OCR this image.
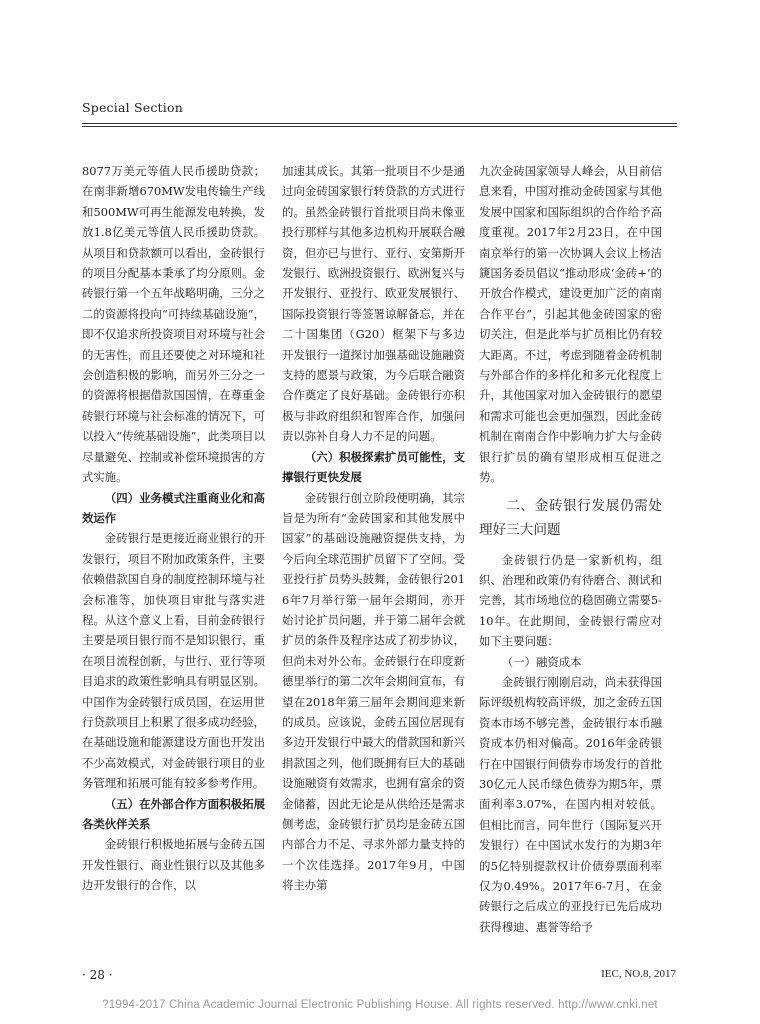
Special Section

8077万美元等值人民币援助贷款；在南非新增670MW发电传输生产线和500MW可再生能源发电转换，发放1.8亿美元等值人民币援助贷款。从项目和贷款额可以看出，金砖银行的项目分配基本秉承了均分原则。金砖银行第一个五年战略明确，三分之二的资源将投向“可持续基础设施”，即不仅追求所投资项目对环境与社会的无害性，而且还要使之对环境和社会创造积极的影响，而另外三分之一的资源将根据借款国国情，在尊重金砖银行环境与社会标准的情况下，可以投入“传统基础设施”，此类项目以尽量避免、控制或补偿环境损害的方式实施。

（四）业务模式注重商业化和高效运作

金砖银行是更接近商业银行的开发银行，项目不附加政策条件，主要依赖借款国自身的制度控制环境与社会标准等，加快项目审批与落实进程。从这个意义上看，目前金砖银行主要是项目银行而不是知识银行，重在项目流程创新，与世行、亚行等项目追求的政策性影响具有明显区别。中国作为金砖银行成员国，在运用世行贷款项目上积累了很多成功经验，在基础设施和能源建设方面也开发出不少高效模式，对金砖银行项目的业务管理和拓展可能有较多参考作用。

（五）在外部合作方面积极拓展各类伙伴关系

金砖银行积极地拓展与金砖五国开发性银行、商业性银行以及其他多边开发银行的合作，以

加速其成长。其第一批项目不少是通过向金砖国家银行转贷款的方式进行的。虽然金砖银行首批项目尚未像亚投行那样与其他多边机构开展联合融资，但亦已与世行、亚行、安第斯开发银行、欧洲投资银行、欧洲复兴与开发银行、亚投行、欧亚发展银行、国际投资银行等签署谅解备忘，并在二十国集团（G20）框架下与多边开发银行一道探讨加强基础设施融资支持的愿景与政策，为今后联合融资合作奠定了良好基础。金砖银行亦积极与非政府组织和智库合作，加强问责以弥补自身人力不足的问题。

（六）积极探索扩员可能性，支撑银行更快发展

金砖银行创立阶段便明确，其宗旨是为所有“金砖国家和其他发展中国家”的基础设施融资提供支持，为今后向全球范围扩员留下了空间。受亚投行扩员势头鼓舞，金砖银行2016年7月举行第一届年会期间，亦开始讨论扩员问题，并于第二届年会就扩员的条件及程序达成了初步协议，但尚未对外公布。金砖银行在印度新德里举行的第二次年会期间宣布，有望在2018年第三届年会期间迎来新的成员。应该说，金砖五国位居现有多边开发银行中最大的借款国和新兴捐款国之列，他们既拥有巨大的基础设施融资有效需求，也拥有富余的资金储蓄，因此无论是从供给还是需求侧考虑，金砖银行扩员均是金砖五国内部合力不足、寻求外部力量支持的一个次佳选择。2017年9月，中国将主办第

九次金砖国家领导人峰会，从目前信息来看，中国对推动金砖国家与其他发展中国家和国际组织的合作给予高度重视。2017年2月23日，在中国南京举行的第一次协调人会议上杨洁篪国务委员倡议“推动形成‘金砖+’的开放合作模式，建设更加广泛的南南合作平台”，引起其他金砖国家的密切关注，但是此举与扩员相比仍有较大距离。不过，考虑到随着金砖机制与外部合作的多样化和多元化程度上升，其他国家对加入金砖银行的愿望和需求可能也会更加强烈，因此金砖机制在南南合作中影响力扩大与金砖银行扩员的确有望形成相互促进之势。

二、金砖银行发展仍需处理好三大问题

金砖银行仍是一家新机构，组织、治理和政策仍有待磨合、测试和完善，其市场地位的稳固确立需要5-10年。在此期间，金砖银行需应对如下主要问题：

（一）融资成本

金砖银行刚刚启动，尚未获得国际评级机构较高评级，加之金砖五国资本市场不够完善，金砖银行本币融资成本仍相对偏高。2016年金砖银行在中国银行间债券市场发行的首批30亿元人民币绿色债券为期5年，票面利率3.07%，在国内相对较低。但相比而言，同年世行（国际复兴开发银行）在中国试水发行的为期3年的5亿特别提款权计价债券票面利率仅为0.49%。2017年6-7月，在金砖银行之后成立的亚投行已先后成功获得穆迪、惠誉等给予

· 28 ·	IEC, NO.8, 2017
?1994-2017 China Academic Journal Electronic Publishing House. All rights reserved. http://www.cnki.net
